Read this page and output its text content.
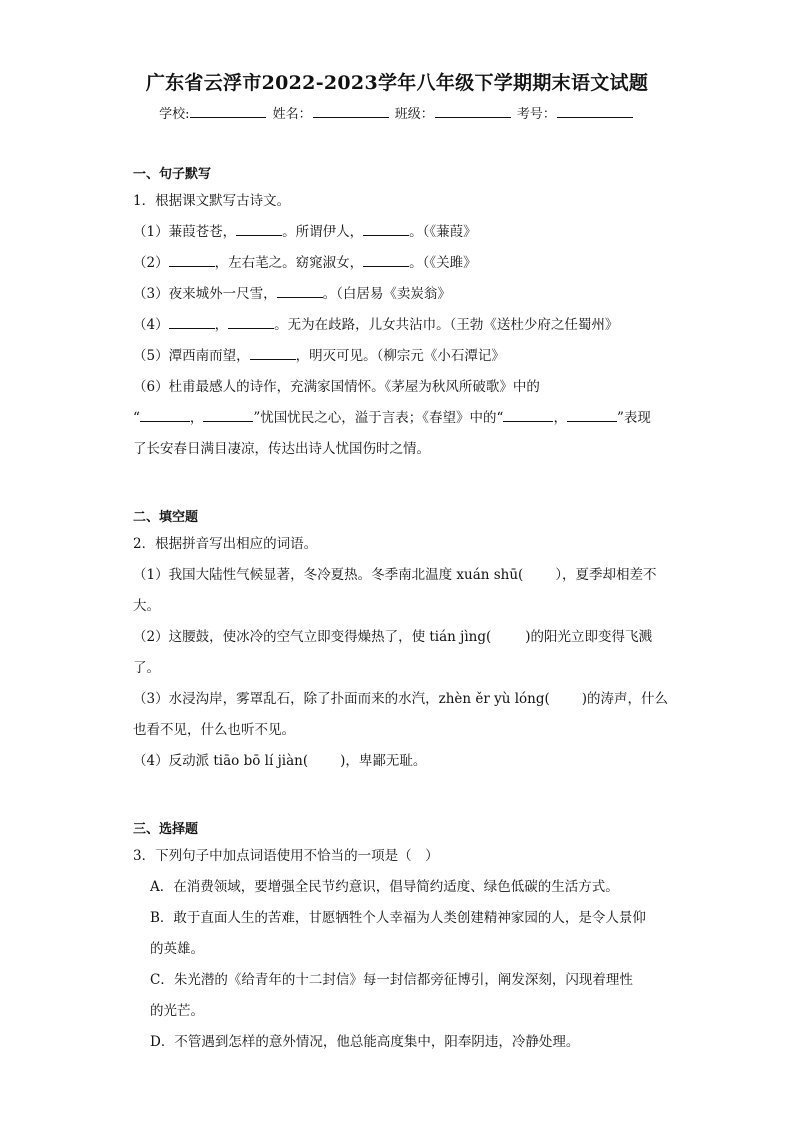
广东省云浮市2022-2023学年八年级下学期期末语文试题
学校:	姓名：	班级：	考号：
一、句子默写
1．根据课文默写古诗文。
（1）蒹葭苍苍，	。所谓伊人，	。（《蒹葭》
（2）	，左右芼之。窈窕淑女，	。（《关雎》
（3）夜来城外一尺雪，	。（白居易《卖炭翁》
（4）	，	。无为在歧路，儿女共沾巾。（王勃《送杜少府之任蜀州》
（5）潭西南而望，	，明灭可见。（柳宗元《小石潭记》
（6）杜甫最感人的诗作，充满家国情怀。《茅屋为秋风所破歌》中的
“	，	”忧国忧民之心，溢于言表；《春望》中的“	，	”表现
了长安春日满目凄凉，传达出诗人忧国伤时之情。
二、填空题
2．根据拼音写出相应的词语。
（1）我国大陆性气候显著，冬冷夏热。冬季南北温度 xuán shū( ），夏季却相差不
大。
（2）这腰鼓，使冰冷的空气立即变得燥热了，使 tián jìng(	)的阳光立即变得飞溅
了。
（3）水浸沟岸，雾罩乱石，除了扑面而来的水汽，zhèn ěr yù lóng( )的涛声，什么
也看不见，什么也听不见。
（4）反动派 tiāo bō lí jiàn( )，卑鄙无耻。
三、选择题
3．下列句子中加点词语使用不恰当的一项是（　）
A．在消费领域，要增强全民节约意识，倡导简约适度、绿色低碳的生活方式。
B．敢于直面人生的苦难，甘愿牺牲个人幸福为人类创建精神家园的人，是令人景仰
的英雄。
C．朱光潜的《给青年的十二封信》每一封信都旁征博引，阐发深刻，闪现着理性
的光芒。
D．不管遇到怎样的意外情况，他总能高度集中，阳奉阴违，冷静处理。
